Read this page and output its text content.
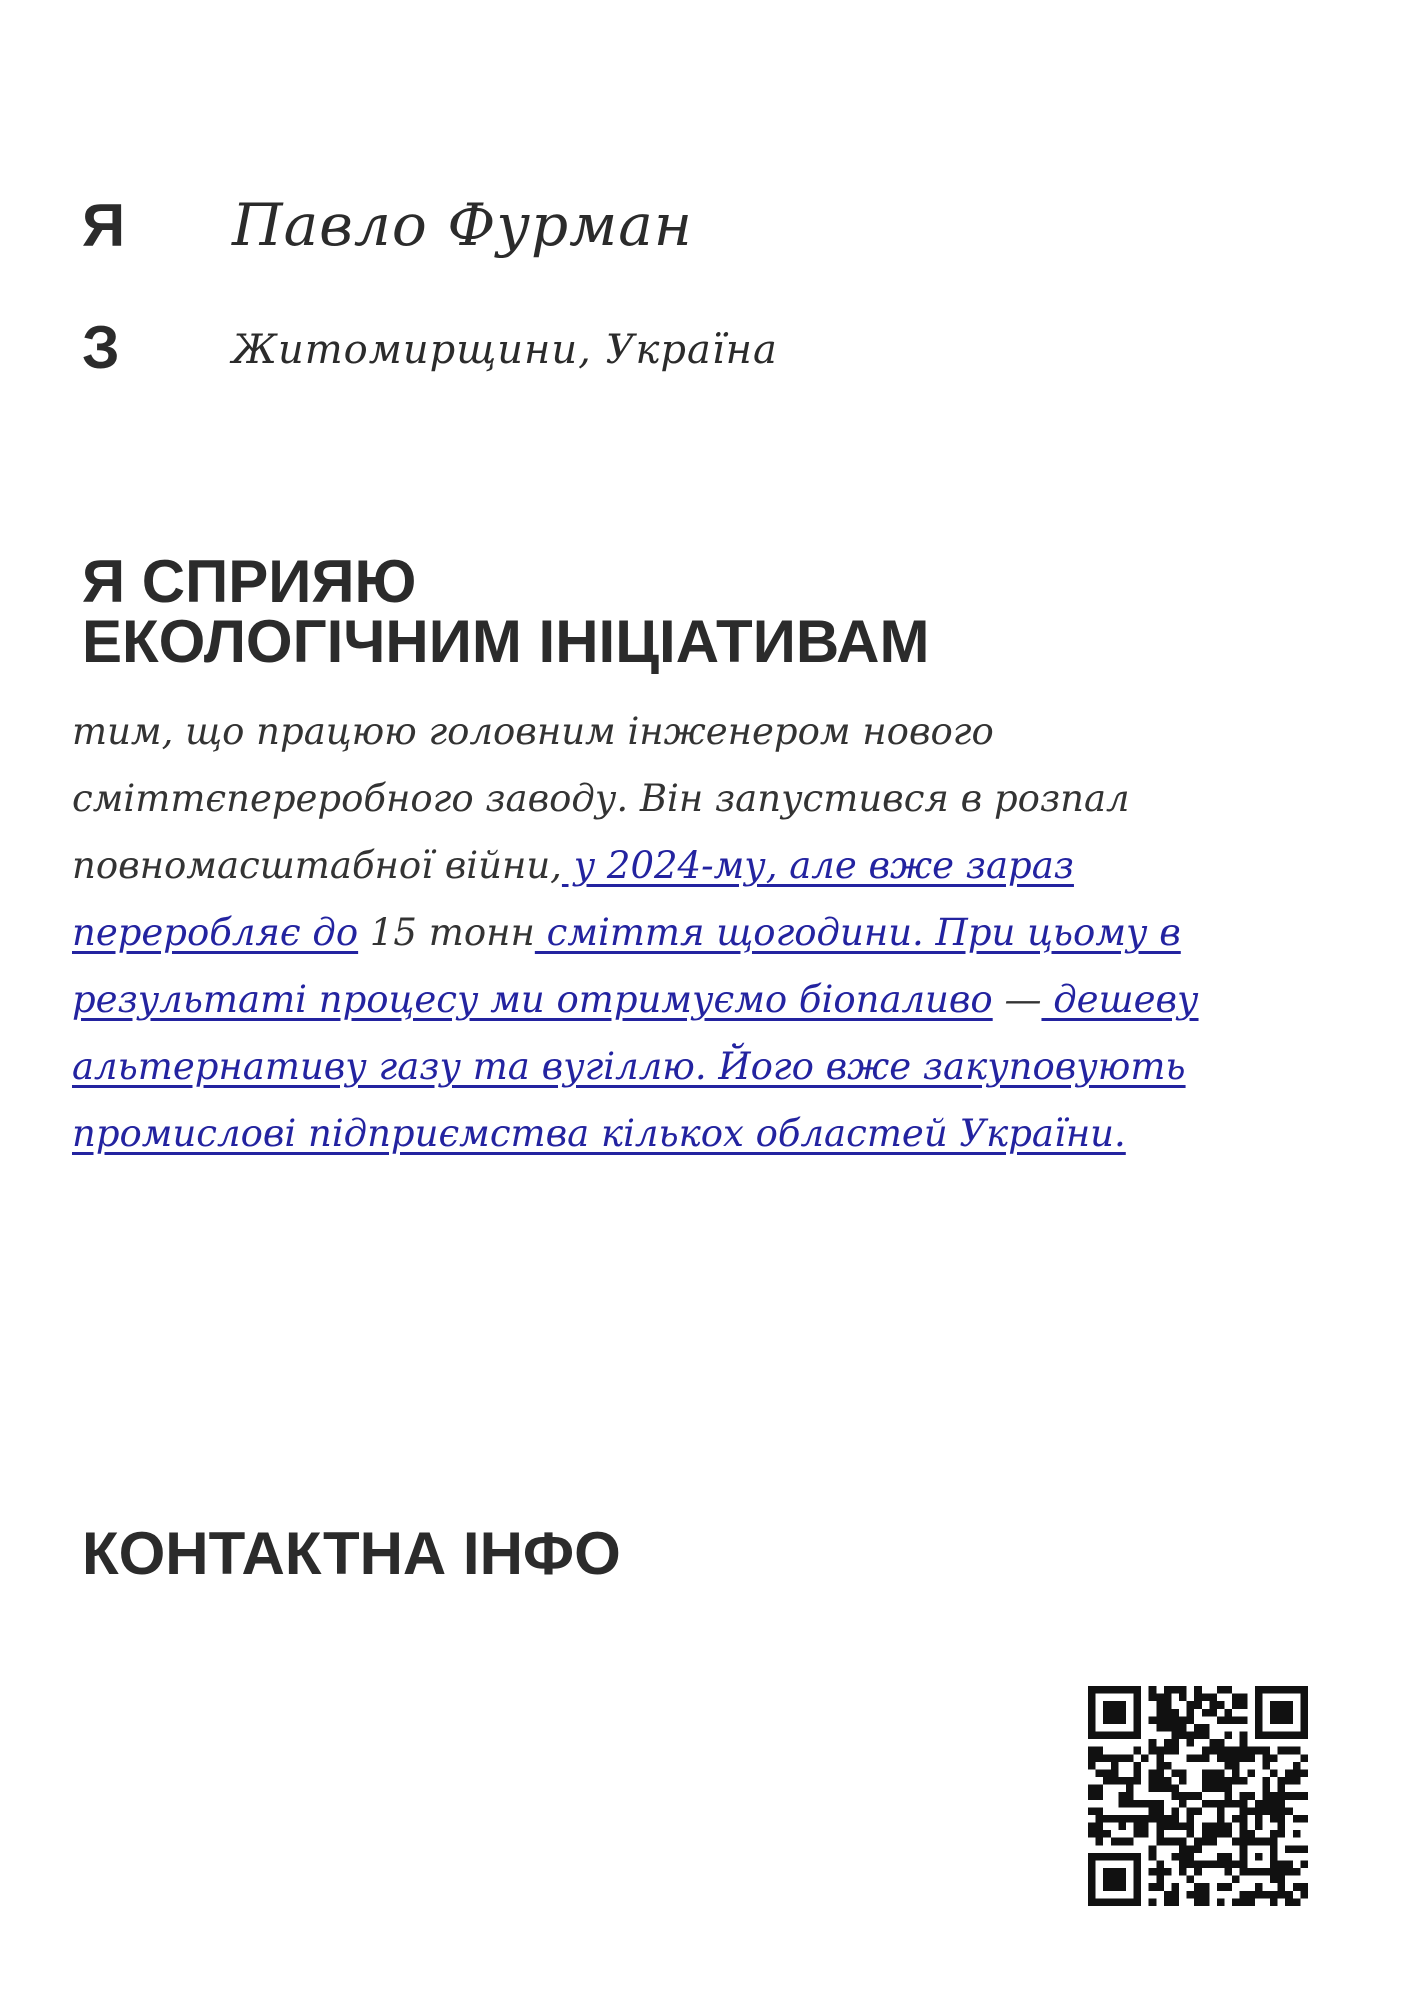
Я Павло Фурман
З	Житомирщини, Україна
Я СПРИЯЮ
ЕКОЛОГІЧНИМ ІНІЦІАТИВАМ

тим, що працюю головним інженером нового сміттєпереробного заводу. Він запустився в розпал повномасштабної війни, у 2024-му, але вже зараз переробляє до 15 тонн сміття щогодини. При цьому в результаті процесу ми отримуємо біопаливо — дешеву альтернативу газу та вугіллю. Його вже закуповують промислові підприємства кількох областей України.

КОНТАКТНА ІНФО
